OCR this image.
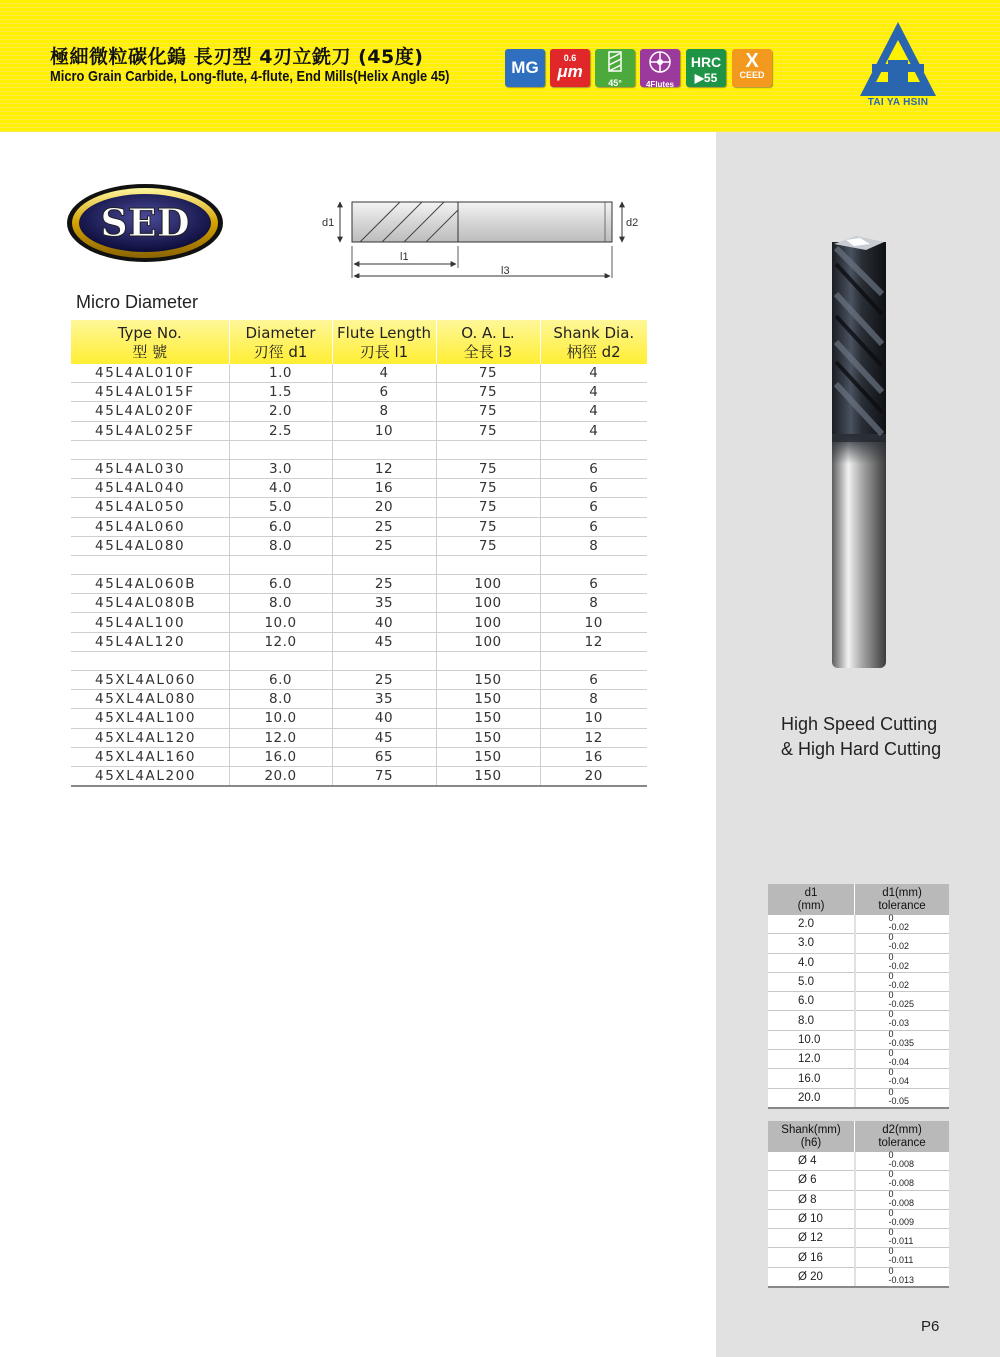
極細微粒碳化鎢 長刃型 4刃立銑刀 (45度)
Micro Grain Carbide, Long-flute, 4-flute, End Mills(Helix Angle 45)	MG	0.6
μm
45°	4Flutes
HRC
▶55
X
CEED
TAI YA HSIN
SED	d1	d2
l1
l3
Micro Diameter
Type No.
型 號	Diameter
刃徑 d1	Flute Length
刃長 l1	O. A. L.
全長 l3	Shank Dia.
柄徑 d2
45L4AL010F	1.0	4	75	4
45L4AL015F	1.5	6	75	4
45L4AL020F	2.0	8	75	4
45L4AL025F	2.5	10	75	4

45L4AL030	3.0	12	75	6
45L4AL040	4.0	16	75	6
45L4AL050	5.0	20	75	6
45L4AL060	6.0	25	75	6
45L4AL080	8.0	25	75	8

45L4AL060B	6.0	25	100	6
45L4AL080B	8.0	35	100	8
45L4AL100	10.0	40	100	10
45L4AL120	12.0	45	100	12

45XL4AL060	6.0	25	150	6
45XL4AL080	8.0	35	150	8
45XL4AL100	10.0	40	150	10
45XL4AL120	12.0	45	150	12
45XL4AL160	16.0	65	150	16
45XL4AL200	20.0	75	150	20
High Speed Cutting
& High Hard Cutting
d1
(mm)	d1(mm)
tolerance
2.0	0
-0.02

3.0	0
-0.02

4.0	0
-0.02

5.0	0
-0.02

6.0	0
-0.025

8.0	0
-0.03

10.0	0
-0.035

12.0	0
-0.04

16.0	0
-0.04

20.0	0
-0.05
Shank(mm)
(h6)	d2(mm)
tolerance
Ø 4	0
-0.008

Ø 6	0
-0.008

Ø 8	0
-0.008

Ø 10	0
-0.009

Ø 12	0
-0.011

Ø 16	0
-0.011

Ø 20	0
-0.013
P6
